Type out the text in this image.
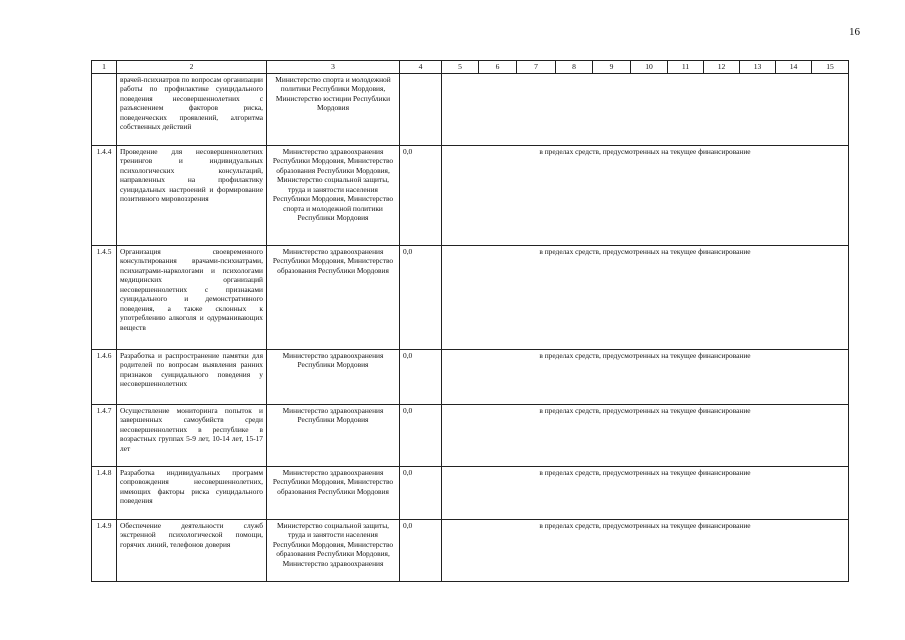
16
1	2	3	4	5	6	7	8	9	10	11	12	13	14	15
	врачей-психиатров по вопросам организации работы по профилактике суицидального поведения несовершеннолетних с разъяснением факторов риска, поведенческих проявлений, алгоритма собственных действий	Министерство спорта и молодежной политики Республики Мордовия, Министерство юстиции Республики Мордовия												
1.4.4	Проведение для несовершеннолетних тренингов и индивидуальных психологических консультаций, направленных на профилактику суицидальных настроений и формирование позитивного мировоззрения	Министерство здравоохранения Республики Мордовия, Министерство образования Республики Мордовия, Министерство социальной защиты, труда и занятости населения Республики Мордовия, Министерство спорта и молодежной политики Республики Мордовия	0,0	в пределах средств, предусмотренных на текущее финансирование										
1.4.5	Организация своевременного консультирования врачами-психиатрами, психиатрами-наркологами и психологами медицинских организаций несовершеннолетних с признаками суицидального и демонстративного поведения, а также склонных к употреблению алкоголя и одурманивающих веществ	Министерство здравоохранения Республики Мордовия, Министерство образования Республики Мордовия	0,0	в пределах средств, предусмотренных на текущее финансирование										
1.4.6	Разработка и распространение памятки для родителей по вопросам выявления ранних признаков суицидального поведения у несовершеннолетних	Министерство здравоохранения Республики Мордовия	0,0	в пределах средств, предусмотренных на текущее финансирование										
1.4.7	Осуществление мониторинга попыток и завершенных самоубийств среди несовершеннолетних в республике в возрастных группах 5-9 лет, 10-14 лет, 15-17 лет	Министерство здравоохранения Республики Мордовия	0,0	в пределах средств, предусмотренных на текущее финансирование										
1.4.8	Разработка индивидуальных программ сопровождения несовершеннолетних, имеющих факторы риска суицидального поведения	Министерство здравоохранения Республики Мордовия, Министерство образования Республики Мордовия	0,0	в пределах средств, предусмотренных на текущее финансирование										
1.4.9	Обеспечение деятельности служб экстренной психологической помощи, горячих линий, телефонов доверия	Министерство социальной защиты, труда и занятости населения Республики Мордовия, Министерство образования Республики Мордовия, Министерство здравоохранения	0,0	в пределах средств, предусмотренных на текущее финансирование										
